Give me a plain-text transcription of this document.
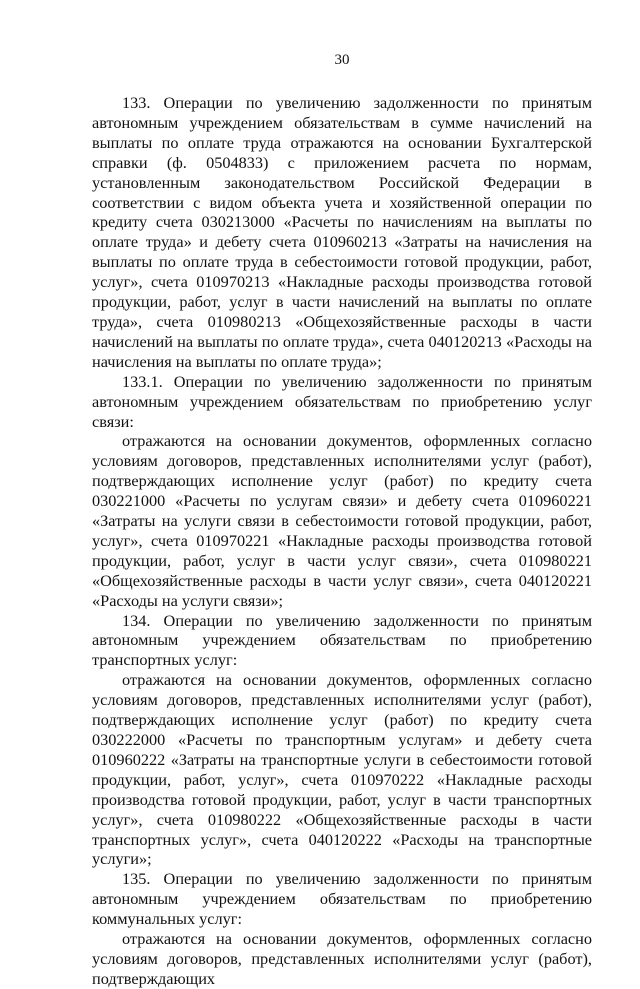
30

133. Операции по увеличению задолженности по принятым автономным учреждением обязательствам в сумме начислений на выплаты по оплате труда отражаются на основании Бухгалтерской справки (ф. 0504833) с приложением расчета по нормам, установленным законодательством Российской Федерации в соответствии с видом объекта учета и хозяйственной операции по кредиту счета 030213000 «Расчеты по начислениям на выплаты по оплате труда» и дебету счета 010960213 «Затраты на начисления на выплаты по оплате труда в себестоимости готовой продукции, работ, услуг», счета 010970213 «Накладные расходы производства готовой продукции, работ, услуг в части начислений на выплаты по оплате труда», счета 010980213 «Общехозяйственные расходы в части начислений на выплаты по оплате труда», счета 040120213 «Расходы на начисления на выплаты по оплате труда»;

133.1. Операции по увеличению задолженности по принятым автономным учреждением обязательствам по приобретению услуг связи:

отражаются на основании документов, оформленных согласно условиям договоров, представленных исполнителями услуг (работ), подтверждающих исполнение услуг (работ) по кредиту счета 030221000 «Расчеты по услугам связи» и дебету счета 010960221 «Затраты на услуги связи в себестоимости готовой продукции, работ, услуг», счета 010970221 «Накладные расходы производства готовой продукции, работ, услуг в части услуг связи», счета 010980221 «Общехозяйственные расходы в части услуг связи», счета 040120221 «Расходы на услуги связи»;

134. Операции по увеличению задолженности по принятым автономным учреждением обязательствам по приобретению транспортных услуг:

отражаются на основании документов, оформленных согласно условиям договоров, представленных исполнителями услуг (работ), подтверждающих исполнение услуг (работ) по кредиту счета 030222000 «Расчеты по транспортным услугам» и дебету счета 010960222 «Затраты на транспортные услуги в себестоимости готовой продукции, работ, услуг», счета 010970222 «Накладные расходы производства готовой продукции, работ, услуг в части транспортных услуг», счета 010980222 «Общехозяйственные расходы в части транспортных услуг», счета 040120222 «Расходы на транспортные услуги»;

135. Операции по увеличению задолженности по принятым автономным учреждением обязательствам по приобретению коммунальных услуг:

отражаются на основании документов, оформленных согласно условиям договоров, представленных исполнителями услуг (работ), подтверждающих
